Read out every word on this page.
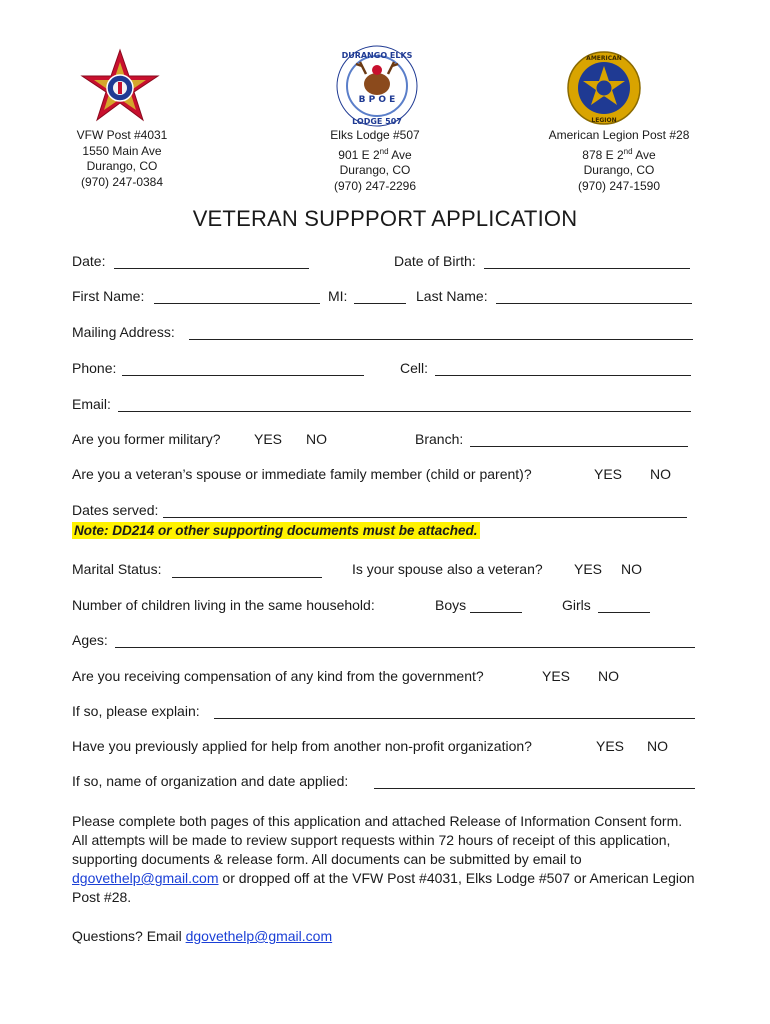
DURANGO ELKS
LODGE 507
B P O E
AMERICAN
LEGION
VFW Post #4031
1550 Main Ave
Durango, CO
(970) 247-0384
Elks Lodge #507
901 E 2nd Ave
Durango, CO
(970) 247-2296
American Legion Post #28
878 E 2nd Ave
Durango, CO
(970) 247-1590
VETERAN SUPPPORT APPLICATION
Date:	Date of Birth:
First Name:	MI:	Last Name:
Mailing Address:
Phone:	Cell:
Email:
Are you former military? YES NO	Branch:
Are you a veteran’s spouse or immediate family member (child or parent)?	YES NO
Dates served:
Note: DD214 or other supporting documents must be attached.
Marital Status:	Is your spouse also a veteran? YES NO
Number of children living in the same household:	Boys	Girls
Ages:
Are you receiving compensation of any kind from the government?	YES NO
If so, please explain:
Have you previously applied for help from another non-profit organization?	YES NO
If so, name of organization and date applied:
Please complete both pages of this application and attached Release of Information Consent form. All attempts will be made to review support requests within 72 hours of receipt of this application, supporting documents & release form. All documents can be submitted by email to dgovethelp@gmail.com or dropped off at the VFW Post #4031, Elks Lodge #507 or American Legion Post #28.
Questions? Email dgovethelp@gmail.com
